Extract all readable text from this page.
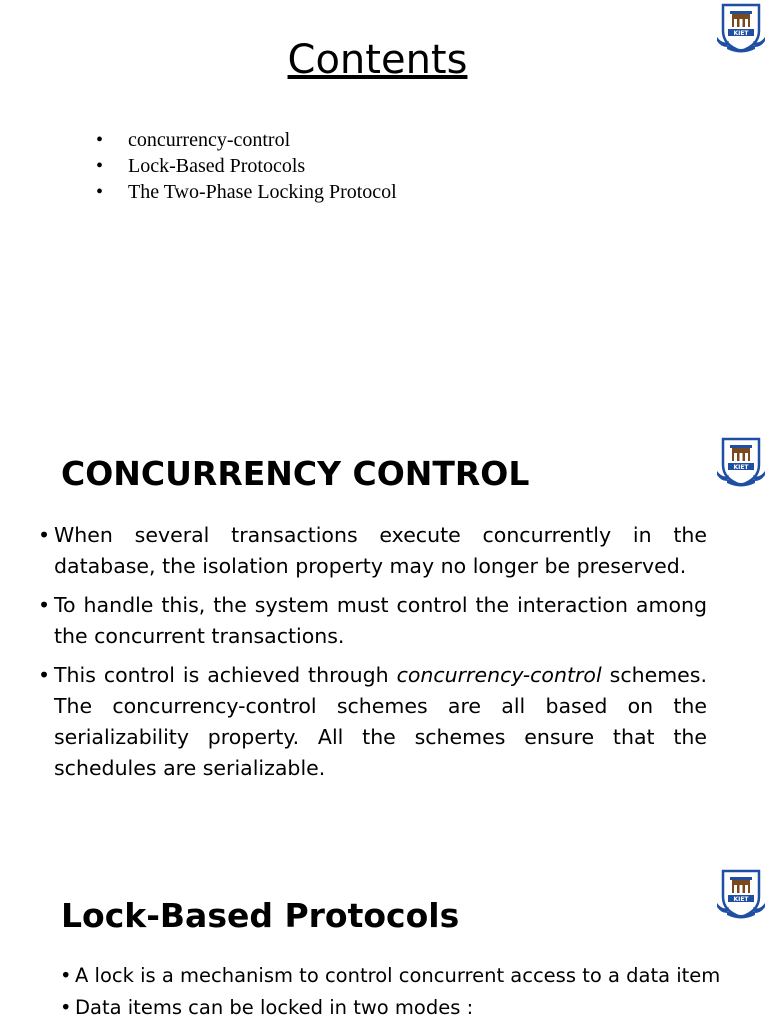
KIET
Contents
• concurrency-control
• Lock-Based Protocols
• The Two-Phase Locking Protocol
KIET
CONCURRENCY CONTROL
• When several transactions execute concurrently in the database, the isolation property may no longer be preserved.
• To handle this, the system must control the interaction among the concurrent transactions.
• This control is achieved through concurrency-control schemes. The concurrency-control schemes are all based on the serializability property. All the schemes ensure that the schedules are serializable.
KIET
Lock-Based Protocols
• A lock is a mechanism to control concurrent access to a data item
• Data items can be locked in two modes :
